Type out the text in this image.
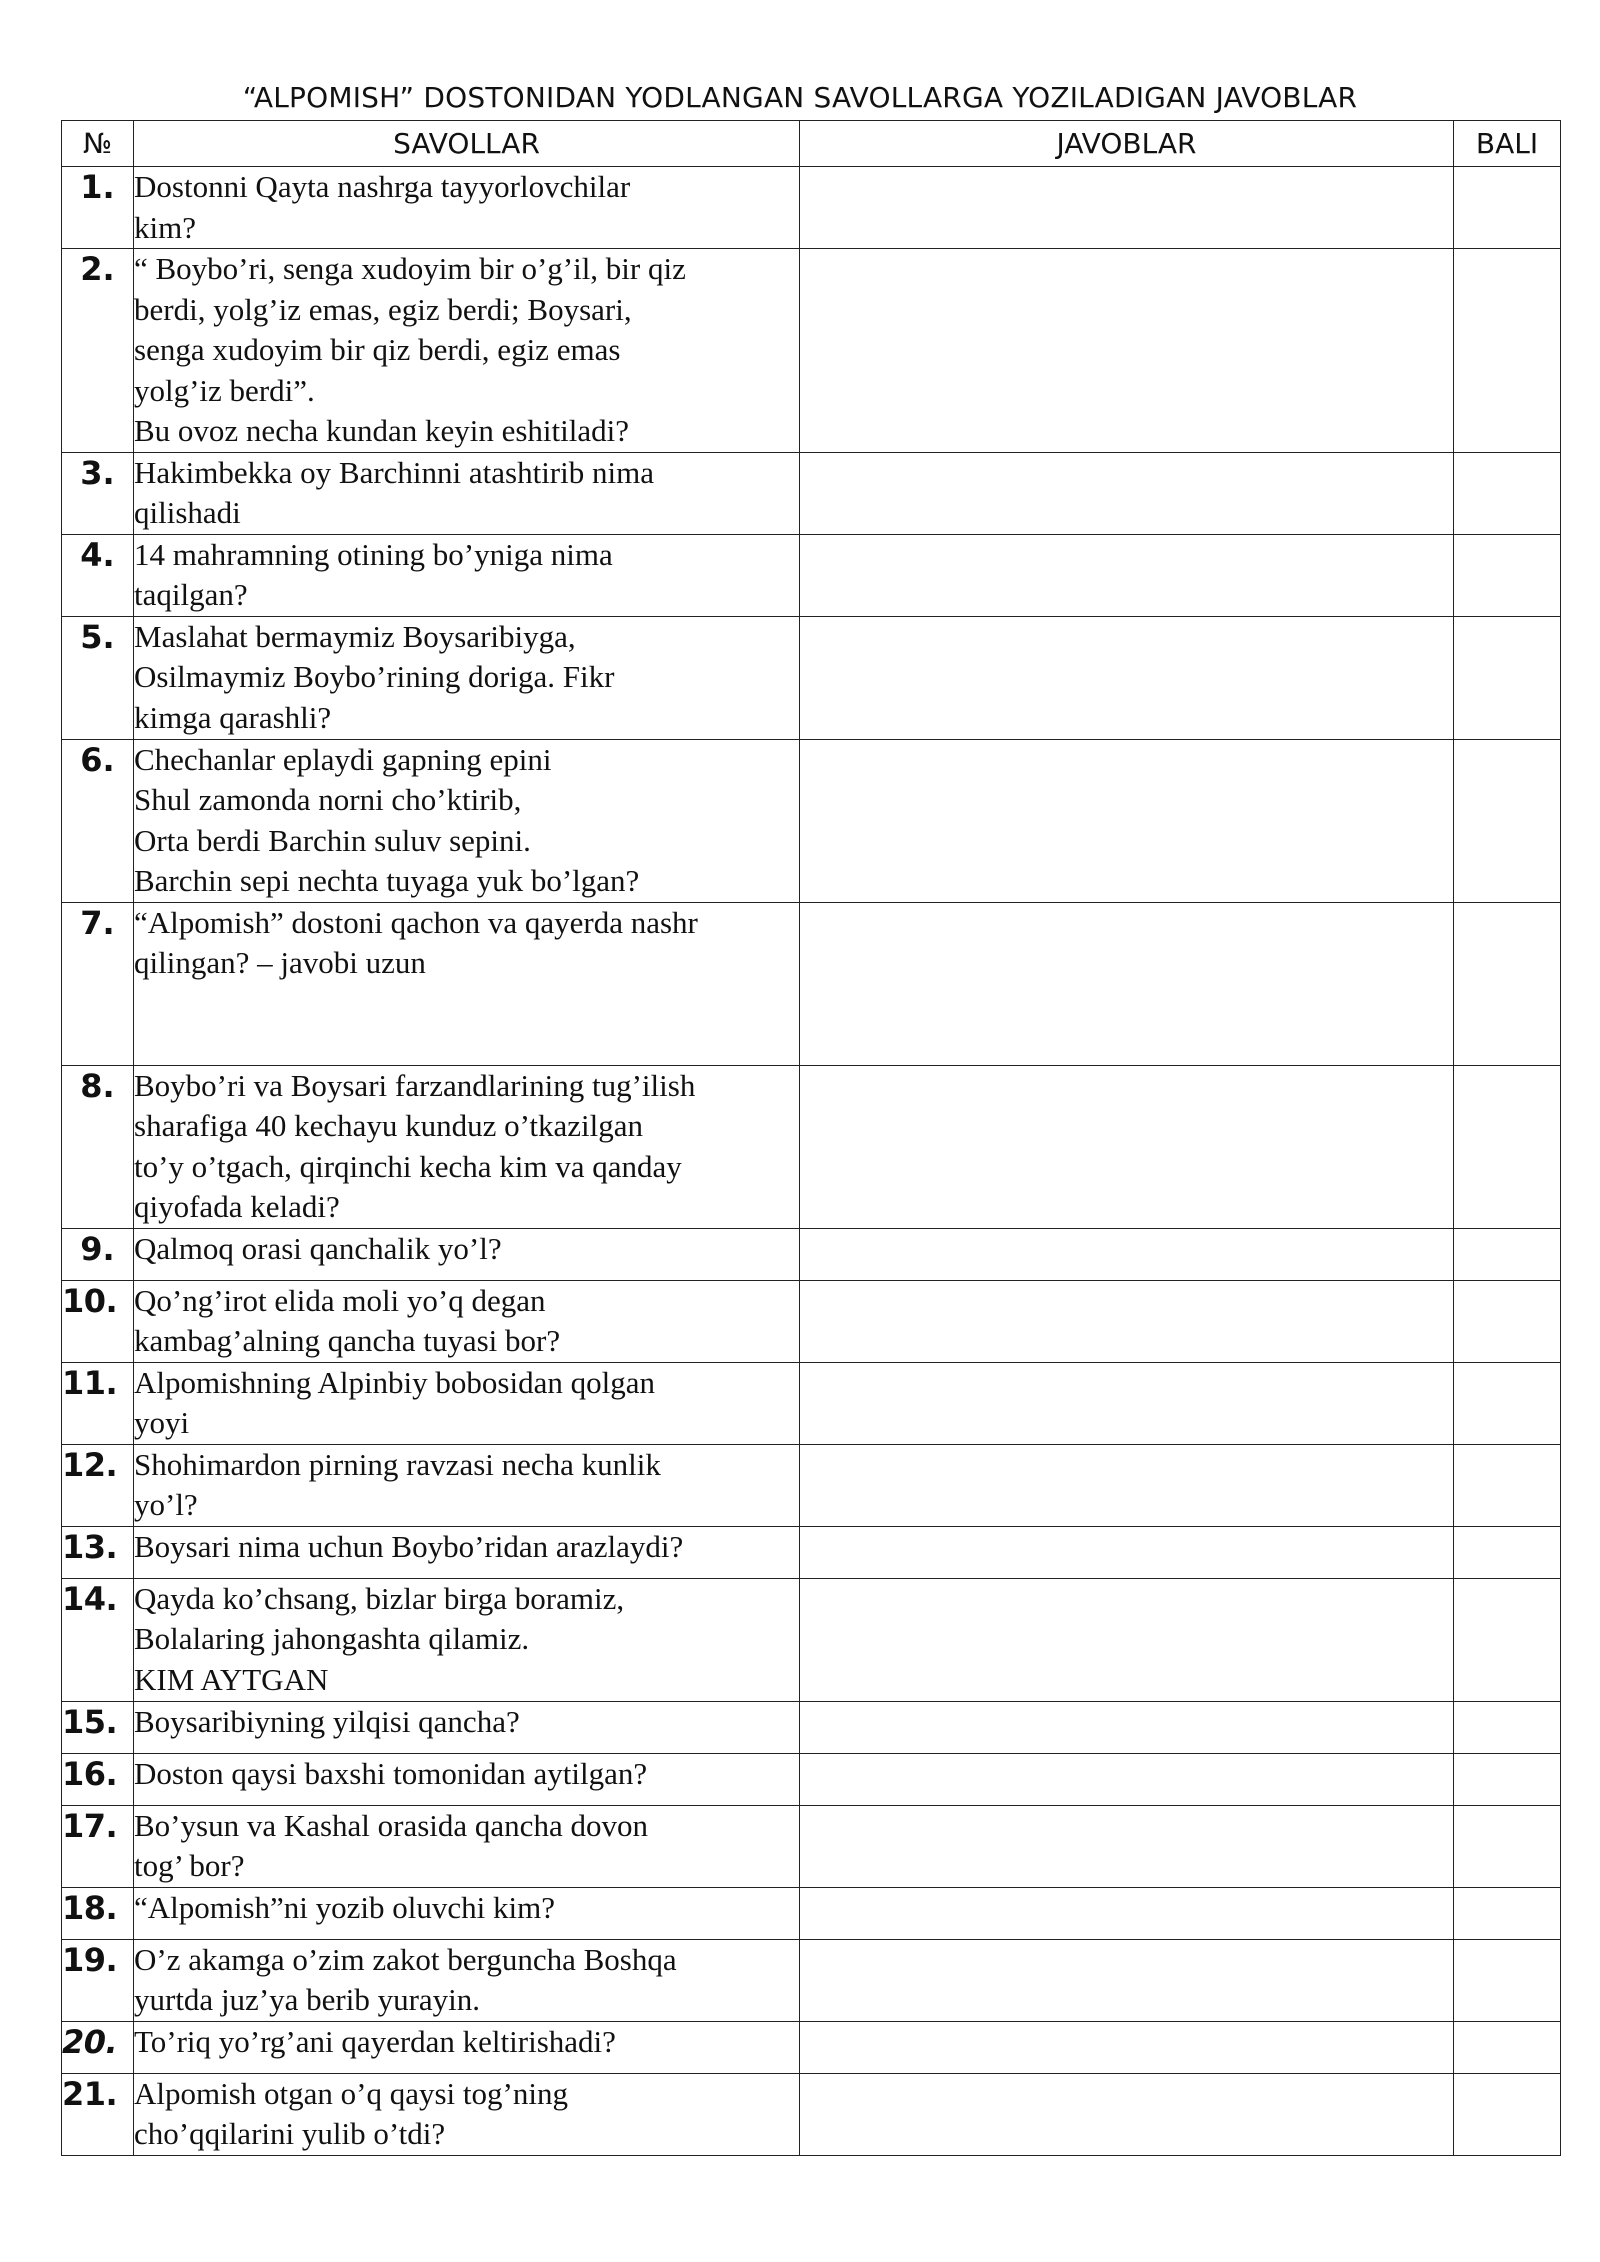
“ALPOMISH” DOSTONIDAN YODLANGAN SAVOLLARGA YOZILADIGAN JAVOBLAR
№	SAVOLLAR	JAVOBLAR	BALI
1.	Dostonni Qayta nashrga tayyorlovchilar
kim?		
2.	“ Boybo’ri, senga xudoyim bir o’g’il, bir qiz
berdi, yolg’iz emas, egiz berdi; Boysari,
senga xudoyim bir qiz berdi, egiz emas
yolg’iz berdi”.
Bu ovoz necha kundan keyin eshitiladi?		
3.	Hakimbekka oy Barchinni atashtirib nima
qilishadi		
4.	14 mahramning otining bo’yniga nima
taqilgan?		
5.	Maslahat bermaymiz Boysaribiyga,
Osilmaymiz Boybo’rining doriga. Fikr
kimga qarashli?		
6.	Chechanlar eplaydi gapning epini
Shul zamonda norni cho’ktirib,
Orta berdi Barchin suluv sepini.
Barchin sepi nechta tuyaga yuk bo’lgan?		
7.	“Alpomish” dostoni qachon va qayerda nashr
qilingan? – javobi uzun		
8.	Boybo’ri va Boysari farzandlarining tug’ilish
sharafiga 40 kechayu kunduz o’tkazilgan
to’y o’tgach, qirqinchi kecha kim va qanday
qiyofada keladi?		
9.	Qalmoq orasi qanchalik yo’l?		
10.	Qo’ng’irot elida moli yo’q degan
kambag’alning qancha tuyasi bor?		
11.	Alpomishning Alpinbiy bobosidan qolgan
yoyi		
12.	Shohimardon pirning ravzasi necha kunlik
yo’l?		
13.	Boysari nima uchun Boybo’ridan arazlaydi?		
14.	Qayda ko’chsang, bizlar birga boramiz,
Bolalaring jahongashta qilamiz.
KIM AYTGAN		
15.	Boysaribiyning yilqisi qancha?		
16.	Doston qaysi baxshi tomonidan aytilgan?		
17.	Bo’ysun va Kashal orasida qancha dovon
tog’ bor?		
18.	“Alpomish”ni yozib oluvchi kim?		
19.	O’z akamga o’zim zakot berguncha Boshqa
yurtda juz’ya berib yurayin.		
20.	To’riq yo’rg’ani qayerdan keltirishadi?		
21.	Alpomish otgan o’q qaysi tog’ning
cho’qqilarini yulib o’tdi?		
